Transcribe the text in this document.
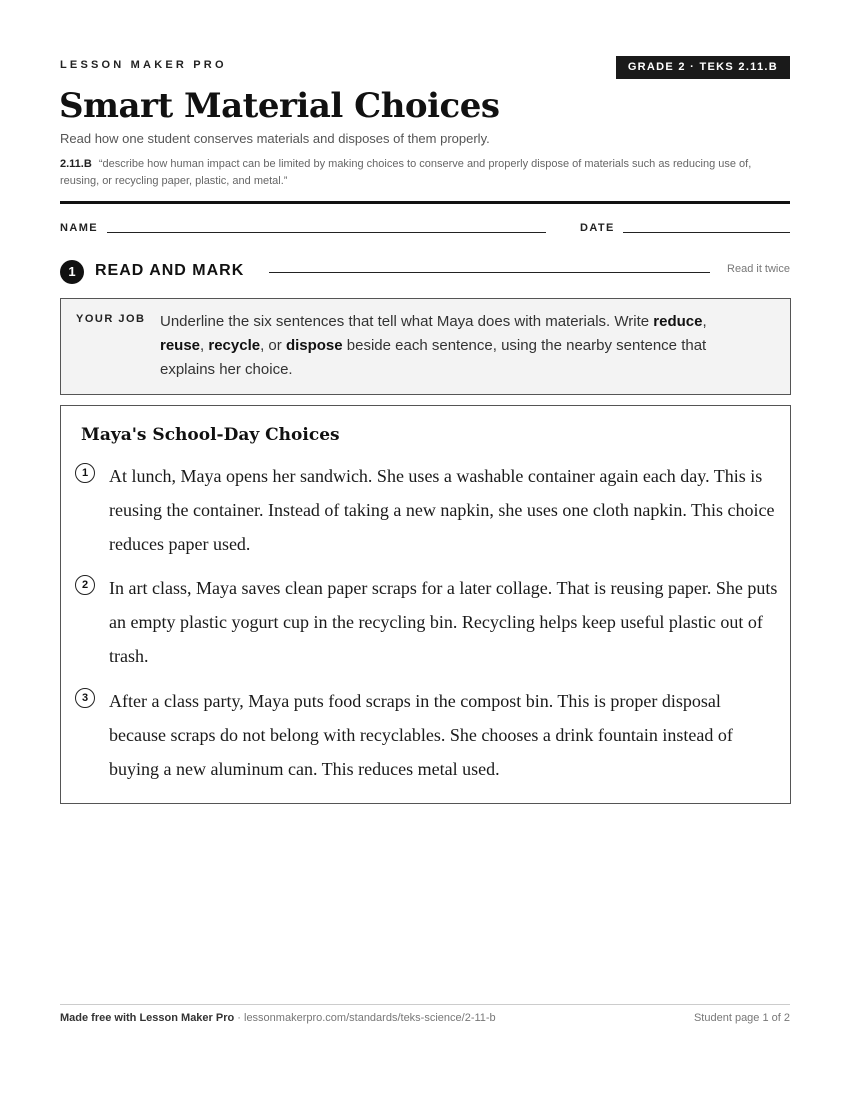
LESSON MAKER PRO	GRADE 2 · TEKS 2.11.B
Smart Material Choices
Read how one student conserves materials and disposes of them properly.
2.11.B “describe how human impact can be limited by making choices to conserve and properly dispose of materials such as reducing use of, reusing, or recycling paper, plastic, and metal.”
NAME	DATE
1	READ AND MARK	Read it twice
YOUR JOB Underline the six sentences that tell what Maya does with materials. Write reduce, reuse, recycle, or dispose beside each sentence, using the nearby sentence that explains her choice.
Maya's School-Day Choices
1	At lunch, Maya opens her sandwich. She uses a washable container again each day. This is reusing the container. Instead of taking a new napkin, she uses one cloth napkin. This choice reduces paper used.
2	In art class, Maya saves clean paper scraps for a later collage. That is reusing paper. She puts an empty plastic yogurt cup in the recycling bin. Recycling helps keep useful plastic out of trash.
3	After a class party, Maya puts food scraps in the compost bin. This is proper disposal because scraps do not belong with recyclables. She chooses a drink fountain instead of buying a new aluminum can. This reduces metal used.
Made free with Lesson Maker Pro · lessonmakerpro.com/standards/teks-science/2-11-b	Student page 1 of 2
